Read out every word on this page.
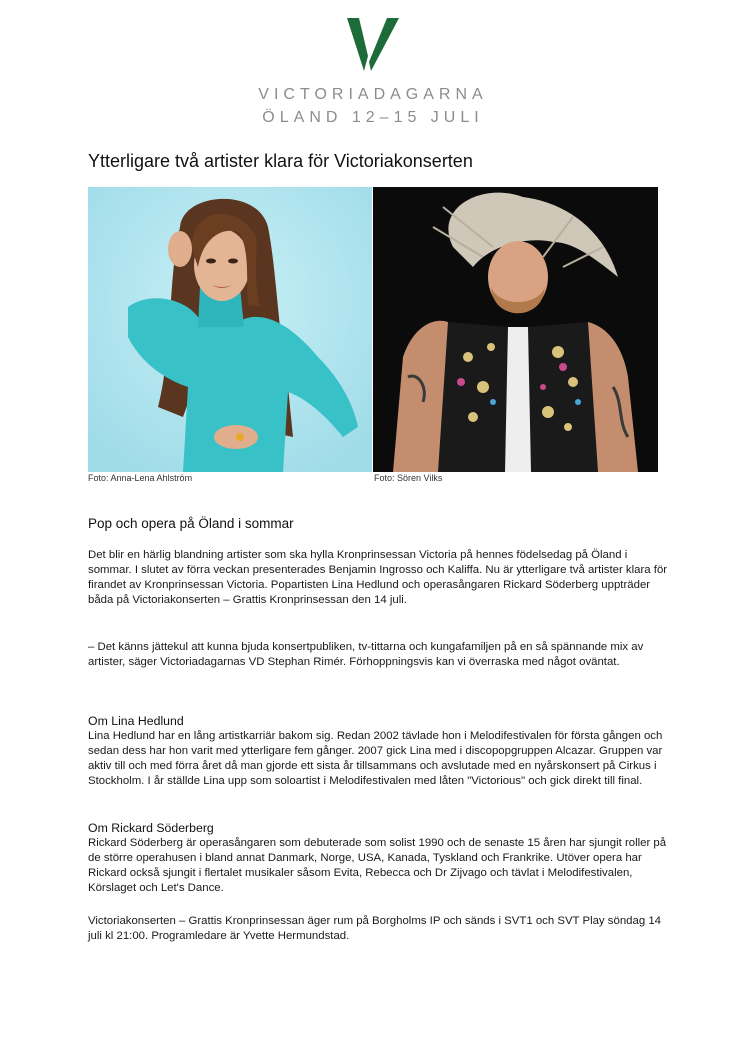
VICTORIADAGARNA
ÖLAND 12–15 JULI
Ytterligare två artister klara för Victoriakonserten
Foto: Anna-Lena Ahlström	Foto: Sören Vilks
Pop och opera på Öland i sommar

Det blir en härlig blandning artister som ska hylla Kronprinsessan Victoria på hennes födelsedag på Öland i sommar. I slutet av förra veckan presenterades Benjamin Ingrosso och Kaliffa. Nu är ytterligare två artister klara för firandet av Kronprinsessan Victoria. Popartisten Lina Hedlund och operasångaren Rickard Söderberg uppträder båda på Victoriakonserten – Grattis Kronprinsessan den 14 juli.

– Det känns jättekul att kunna bjuda konsertpubliken, tv-tittarna och kungafamiljen på en så spännande mix av artister, säger Victoriadagarnas VD Stephan Rimér. Förhoppningsvis kan vi överraska med något oväntat.

Om Lina Hedlund

Lina Hedlund har en lång artistkarriär bakom sig. Redan 2002 tävlade hon i Melodifestivalen för första gången och sedan dess har hon varit med ytterligare fem gånger. 2007 gick Lina med i discopopgruppen Alcazar. Gruppen var aktiv till och med förra året då man gjorde ett sista år tillsammans och avslutade med en nyårskonsert på Cirkus i Stockholm. I år ställde Lina upp som soloartist i Melodifestivalen med låten "Victorious" och gick direkt till final.

Om Rickard Söderberg

Rickard Söderberg är operasångaren som debuterade som solist 1990 och de senaste 15 åren har sjungit roller på de större operahusen i bland annat Danmark, Norge, USA, Kanada, Tyskland och Frankrike. Utöver opera har Rickard också sjungit i flertalet musikaler såsom Evita, Rebecca och Dr Zijvago och tävlat i Melodifestivalen, Körslaget och Let's Dance.

Victoriakonserten – Grattis Kronprinsessan äger rum på Borgholms IP och sänds i SVT1 och SVT Play söndag 14 juli kl 21:00. Programledare är Yvette Hermundstad.
